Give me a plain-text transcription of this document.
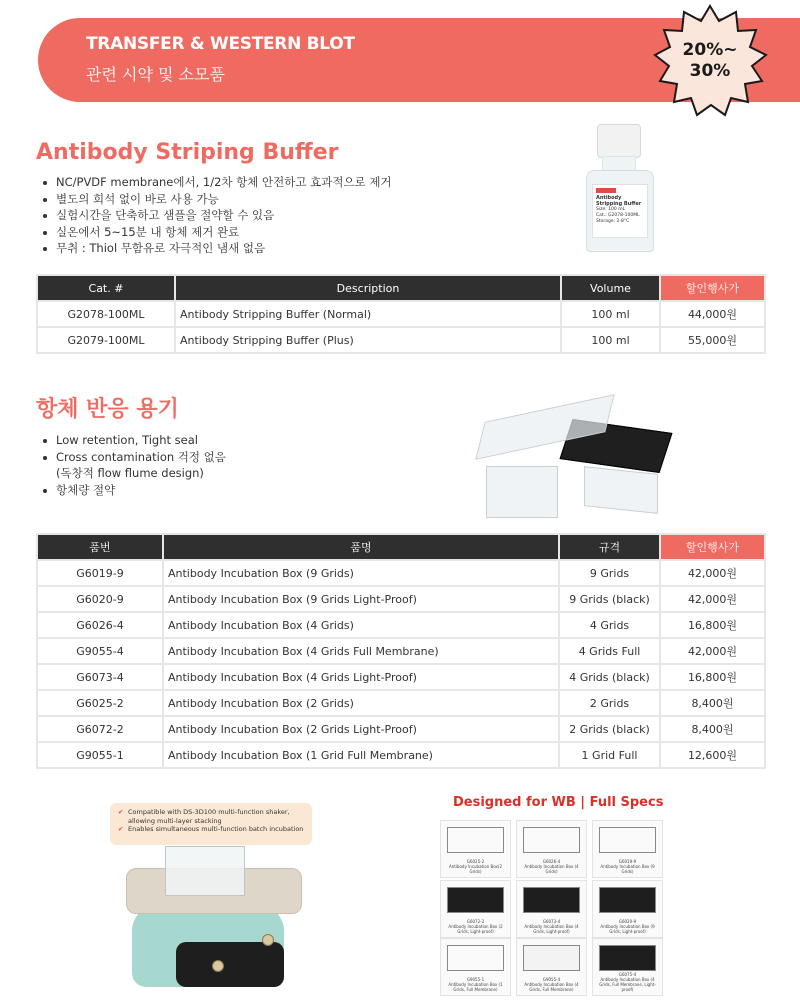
TRANSFER & WESTERN BLOT
관련 시약 및 소모품
20%~
30%
Antibody Striping Buffer
NC/PVDF membrane에서, 1/2차 항체 안전하고 효과적으로 제거
별도의 희석 없이 바로 사용 가능
실험시간을 단축하고 샘플을 절약할 수 있음
실온에서 5~15분 내 항체 제거 완료
무취 : Thiol 무함유로 자극적인 냄새 없음
Antibody Stripping Buffer
Size: 100 mL
Cat.: G2078-100ML
Storage: 2-8°C
Cat. #	Description	Volume	할인행사가
G2078-100ML	Antibody Stripping Buffer (Normal)	100 ml	44,000원
G2079-100ML	Antibody Stripping Buffer (Plus)	100 ml	55,000원
항체 반응 용기
Low retention, Tight seal
Cross contamination 걱정 없음
(독창적 flow flume design)
항체량 절약
품번	품명	규격	할인행사가
G6019-9	Antibody Incubation Box (9 Grids)	9 Grids	42,000원
G6020-9	Antibody Incubation Box (9 Grids Light-Proof)	9 Grids (black)	42,000원
G6026-4	Antibody Incubation Box (4 Grids)	4 Grids	16,800원
G9055-4	Antibody Incubation Box (4 Grids Full Membrane)	4 Grids Full	42,000원
G6073-4	Antibody Incubation Box (4 Grids Light-Proof)	4 Grids (black)	16,800원
G6025-2	Antibody Incubation Box (2 Grids)	2 Grids	8,400원
G6072-2	Antibody Incubation Box (2 Grids Light-Proof)	2 Grids (black)	8,400원
G9055-1	Antibody Incubation Box (1 Grid Full Membrane)	1 Grid Full	12,600원

✔ Compatible with DS-3D100 multi-function shaker, allowing multi-layer stacking

✔ Enables simultaneous multi-function batch incubation

Designed for WB | Full Specs
G6025-2
Antibody Incubation Box(2 Grids)
G6026-4
Antibody Incubation Box (4 Grids)
G6019-9
Antibody Incubation Box (9 Grids)
G6072-2
Antibody Incubation Box (2 Grids, Light-proof)
G6073-4
Antibody Incubation Box (4 Grids, Light-proof)
G6020-9
Antibody Incubation Box (9 Grids, Light-proof)
G9055-1
Antibody Incubation Box (1 Grids, Full Membrane)
G9055-4
Antibody Incubation Box (4 Grids, Full Membrane)
G6075-4
Antibody Incubation Box (4 Grids, Full Membrane, Light-proof)
